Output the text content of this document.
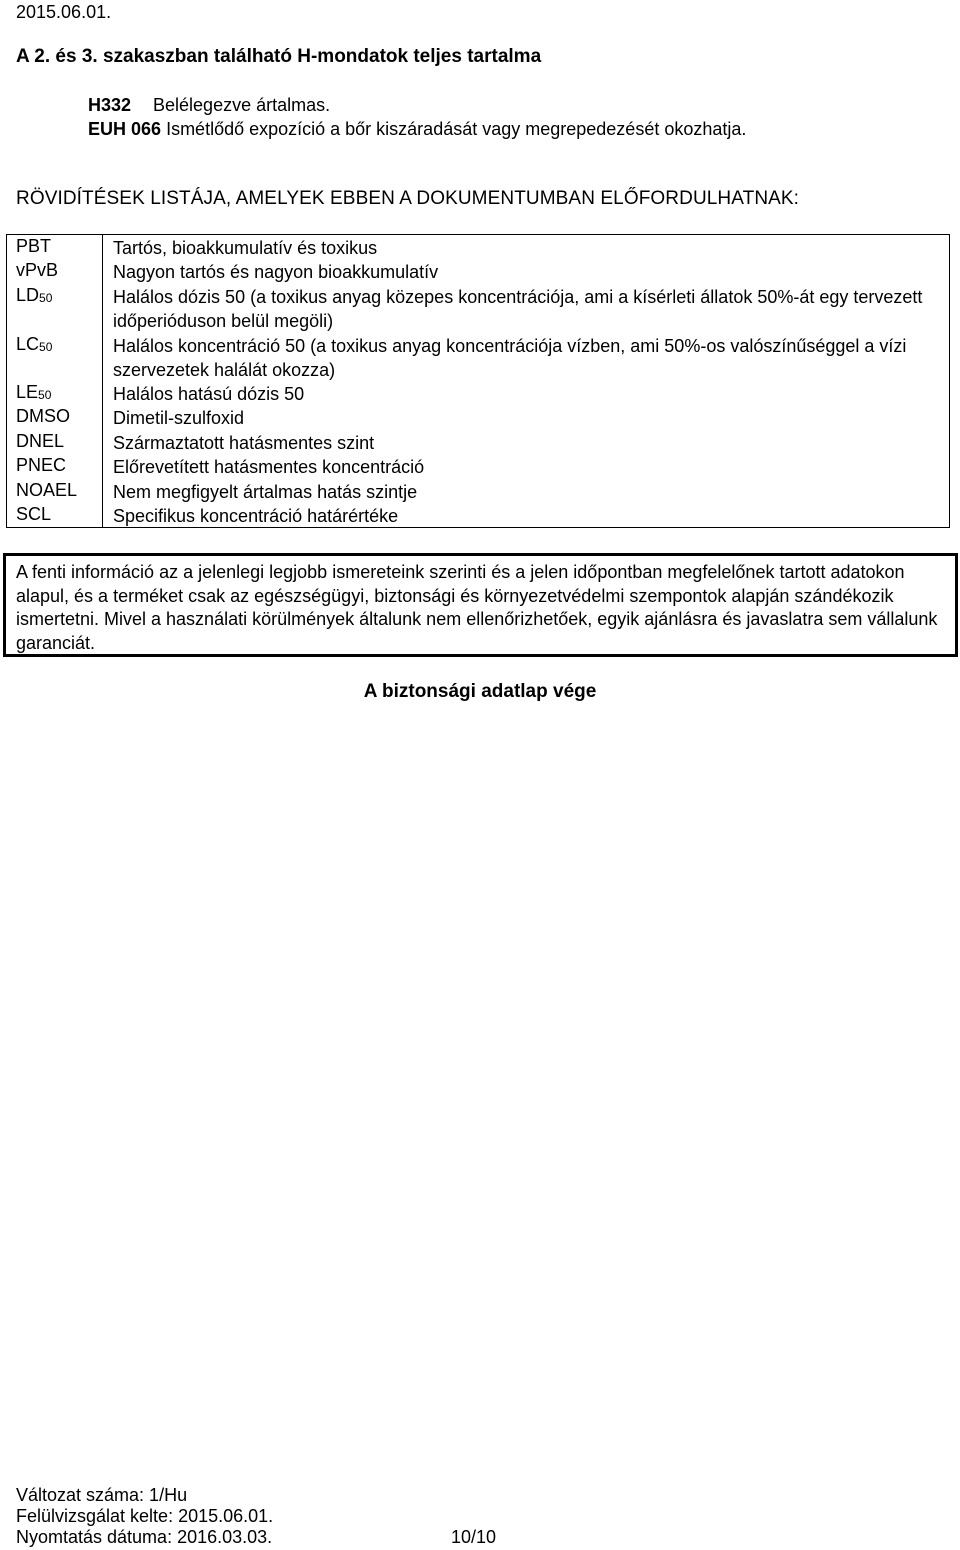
2015.06.01.
A 2. és 3. szakaszban található H-mondatok teljes tartalma
H332 Belélegezve ártalmas.
EUH 066 Ismétlődő expozíció a bőr kiszáradását vagy megrepedezését okozhatja.
RÖVIDÍTÉSEK LISTÁJA, AMELYEK EBBEN A DOKUMENTUMBAN ELŐFORDULHATNAK:
PBT	Tartós, bioakkumulatív és toxikus
vPvB	Nagyon tartós és nagyon bioakkumulatív
$LD_{50}$	Halálos dózis 50 (a toxikus anyag közepes koncentrációja, ami a kísérleti állatok 50%-át egy tervezett időperióduson belül megöli)
$LC_{50}$	Halálos koncentráció 50 (a toxikus anyag koncentrációja vízben, ami 50%-os valószínűséggel a vízi szervezetek halálát okozza)
$LE_{50}$	Halálos hatású dózis 50
DMSO Dimetil-szulfoxid
DNEL	Származtatott hatásmentes szint
PNEC	Előrevetített hatásmentes koncentráció
NOAEL Nem megfigyelt ártalmas hatás szintje
SCL	Specifikus koncentráció határértéke
A fenti információ az a jelenlegi legjobb ismereteink szerinti és a jelen időpontban megfelelőnek tartott adatokon alapul, és a terméket csak az egészségügyi, biztonsági és környezetvédelmi szempontok alapján szándékozik ismertetni. Mivel a használati körülmények általunk nem ellenőrizhetőek, egyik ajánlásra és javaslatra sem vállalunk garanciát.
A biztonsági adatlap vége
Változat száma: 1/Hu
Felülvizsgálat kelte: 2015.06.01.
Nyomtatás dátuma: 2016.03.03.	10/10
